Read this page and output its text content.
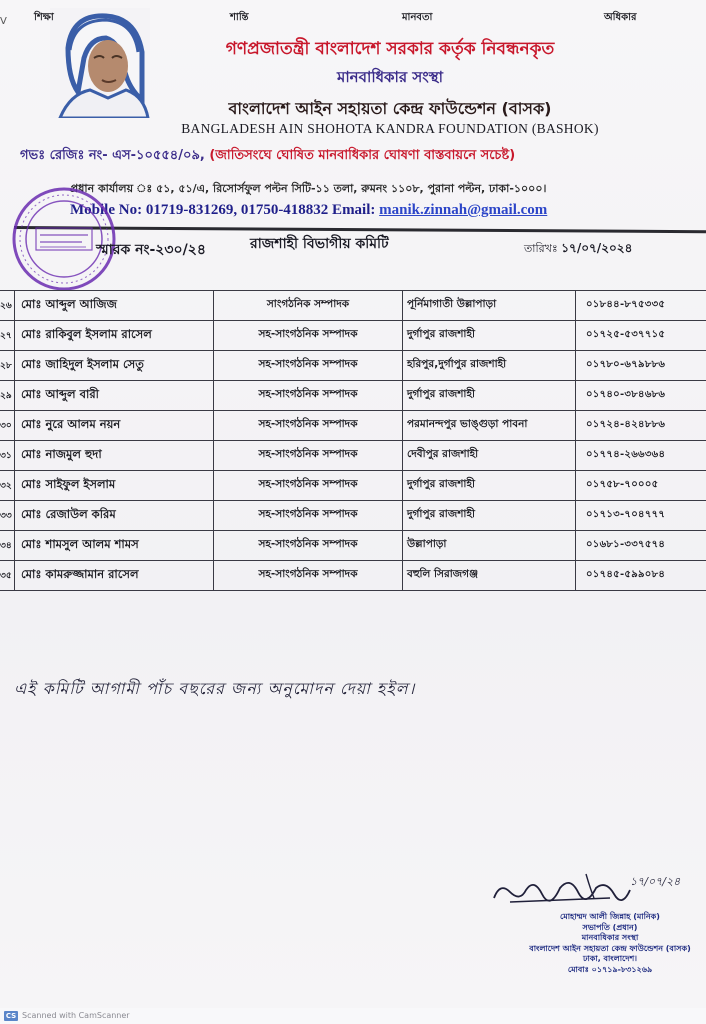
V	শিক্ষা	শান্তি	মানবতা	অধিকার
গণপ্রজাতন্ত্রী বাংলাদেশ সরকার কর্তৃক নিবন্ধনকৃত
মানবাধিকার সংস্থা
বাংলাদেশ আইন সহায়তা কেন্দ্র ফাউন্ডেশন (বাসক)
BANGLADESH AIN SHOHOTA KANDRA FOUNDATION (BASHOK)
গভঃ রেজিঃ নং- এস-১০৫৫৪/০৯, (জাতিসংঘে ঘোষিত মানবাধিকার ঘোষণা বাস্তবায়নে সচেষ্ট)
প্রধান কার্যালয় ঃ ৫১, ৫১/এ, রিসোর্সফুল পল্টন সিটি-১১ তলা, রুমনং ১১০৮, পুরানা পল্টন, ঢাকা-১০০০।
Mobile No: 01719-831269, 01750-418832 Email: manik.zinnah@gmail.com
স্মারক নং-২৩০/২৪	রাজশাহী বিভাগীয় কমিটি	তারিখঃ ১৭/০৭/২০২৪
২৬	মোঃ আব্দুল আজিজ	সাংগঠনিক সম্পাদক	পূর্নিমাগাতী উল্লাপাড়া	০১৮৪৪-৮৭৫৩৩৫
২৭	মোঃ রাকিবুল ইসলাম রাসেল	সহ-সাংগঠনিক সম্পাদক	দুর্গাপুর রাজশাহী	০১৭২৫-৫৩৭৭১৫
২৮	মোঃ জাহিদুল ইসলাম সেতু	সহ-সাংগঠনিক সম্পাদক	হরিপুর,দুর্গাপুর রাজশাহী	০১৭৮০-৬৭৯৮৮৬
২৯	মোঃ আব্দুল বারী	সহ-সাংগঠনিক সম্পাদক	দুর্গাপুর রাজশাহী	০১৭৪০-৩৮৪৬৮৬
৩০	মোঃ নুরে আলম নয়ন	সহ-সাংগঠনিক সম্পাদক	পরমানন্দপুর ভাঙ্গুড়া পাবনা	০১৭২৪-৪২৪৮৮৬
৩১	মোঃ নাজমুল হুদা	সহ-সাংগঠনিক সম্পাদক	দেবীপুর রাজশাহী	০১৭৭৪-২৬৬৩৬৪
৩২	মোঃ সাইফুল ইসলাম	সহ-সাংগঠনিক সম্পাদক	দুর্গাপুর রাজশাহী	০১৭৫৮-৭০০০৫
৩৩	মোঃ রেজাউল করিম	সহ-সাংগঠনিক সম্পাদক	দুর্গাপুর রাজশাহী	০১৭১৩-৭০৪৭৭৭
৩৪	মোঃ শামসুল আলম শামস	সহ-সাংগঠনিক সম্পাদক	উল্লাপাড়া	০১৬৮১-৩৩৭৫৭৪
৩৫	মোঃ কামরুজ্জামান রাসেল	সহ-সাংগঠনিক সম্পাদক	বহুলি সিরাজগঞ্জ	০১৭৪৫-৫৯৯০৮৪
এই কমিটি আগামী পাঁচ বছরের জন্য অনুমোদন দেয়া হইল।
১৭/০৭/২৪
মোহাম্মদ আলী জিন্নাহ (মানিক)
সভাপতি (প্রধান)
মানবাধিকার সংস্থা
বাংলাদেশ আইন সহায়তা কেন্দ্র ফাউন্ডেশন (বাসক)
ঢাকা, বাংলাদেশ।
মোবাঃ ০১৭১৯-৮৩১২৬৯
CS Scanned with CamScanner
